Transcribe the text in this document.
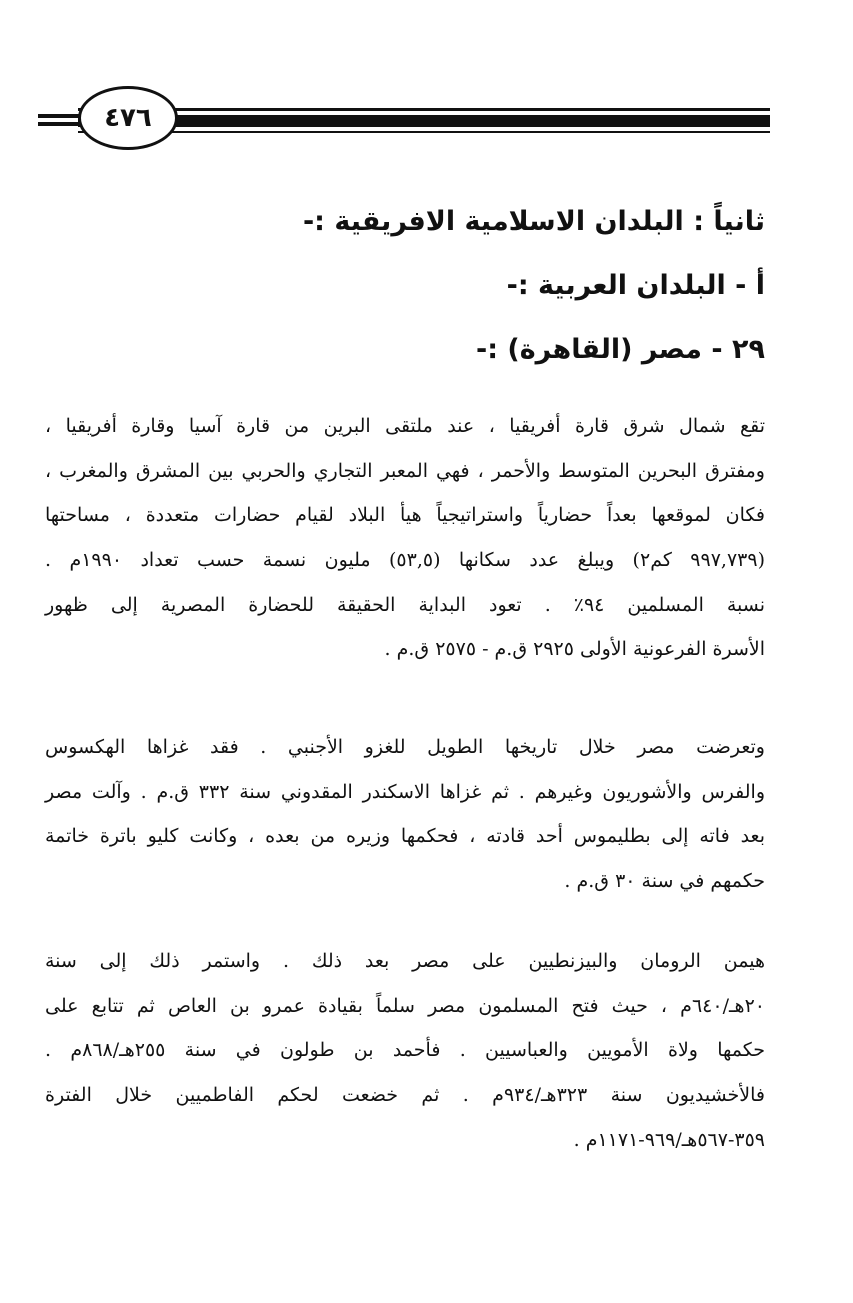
٤٧٦
ثانياً : البلدان الاسلامية الافريقية :-
أ - البلدان العربية :-
٢٩ - مصر (القاهرة) :-
تقع شمال شرق قارة أفريقيا ، عند ملتقى البرين من قارة آسيا وقارة أفريقيا ،
ومفترق البحرين المتوسط والأحمر ، فهي المعبر التجاري والحربي بين المشرق والمغرب ،
فكان لموقعها بعداً حضارياً واستراتيجياً هيأ البلاد لقيام حضارات متعددة ، مساحتها
(٩٩٧,٧٣٩ كم٢) ويبلغ عدد سكانها (٥٣,٥) مليون نسمة حسب تعداد ١٩٩٠م .
نسبة المسلمين ٩٤٪ . تعود البداية الحقيقة للحضارة المصرية إلى ظهور
الأسرة الفرعونية الأولى ٢٩٢٥ ق.م - ٢٥٧٥ ق.م .
وتعرضت مصر خلال تاريخها الطويل للغزو الأجنبي . فقد غزاها الهكسوس
والفرس والأشوريون وغيرهم . ثم غزاها الاسكندر المقدوني سنة ٣٣٢ ق.م . وآلت مصر
بعد فاته إلى بطليموس أحد قادته ، فحكمها وزيره من بعده ، وكانت كليو باترة خاتمة
حكمهم في سنة ٣٠ ق.م .
هيمن الرومان والبيزنطيين على مصر بعد ذلك . واستمر ذلك إلى سنة
٢٠هـ/٦٤٠م ، حيث فتح المسلمون مصر سلماً بقيادة عمرو بن العاص ثم تتابع على
حكمها ولاة الأمويين والعباسيين . فأحمد بن طولون في سنة ٢٥٥هـ/٨٦٨م .
فالأخشيديون سنة ٣٢٣هـ/٩٣٤م . ثم خضعت لحكم الفاطميين خلال الفترة
٣٥٩-٥٦٧هـ/٩٦٩-١١٧١م .
